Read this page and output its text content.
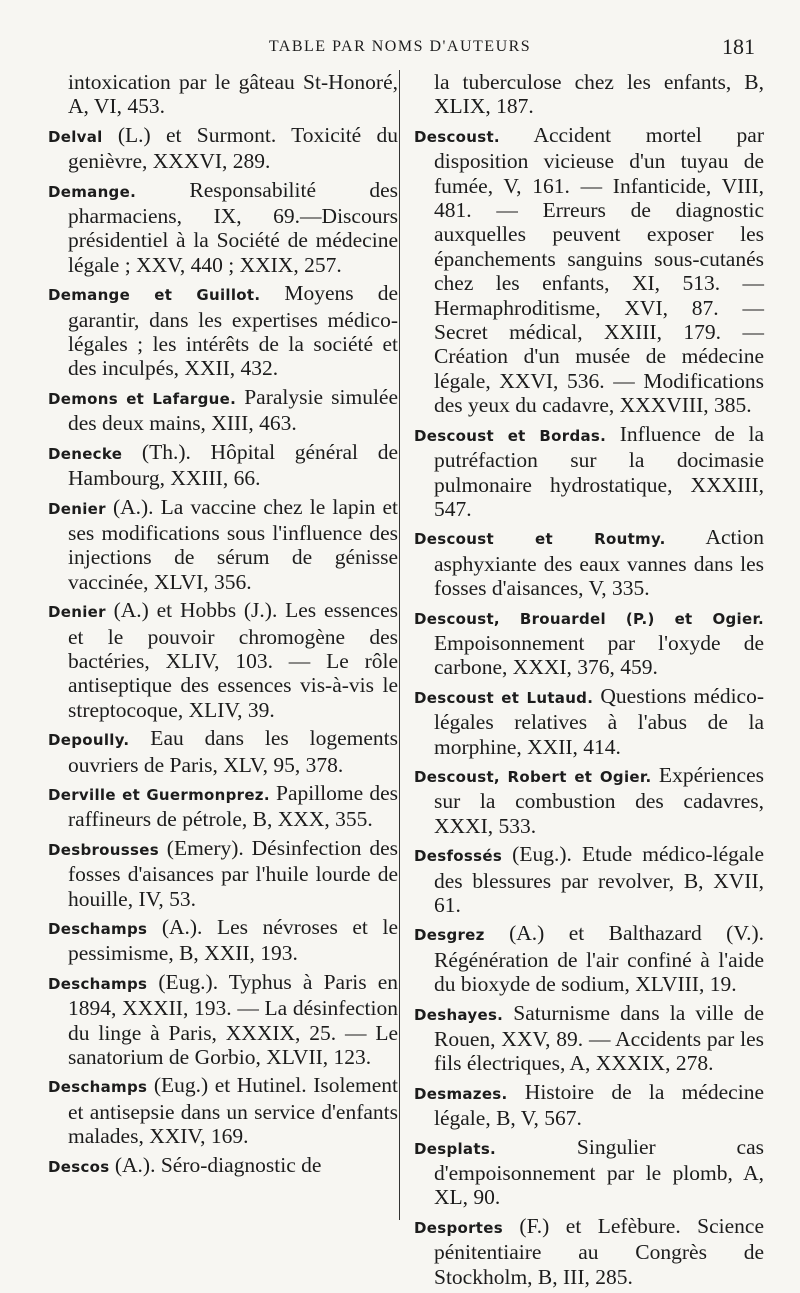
TABLE PAR NOMS D'AUTEURS	181

intoxication par le gâteau St-Honoré, A, VI, 453.

Delval (L.) et Surmont. Toxicité du genièvre, XXXVI, 289.

Demange. Responsabilité des pharmaciens, IX, 69.—Discours présidentiel à la Société de médecine légale ; XXV, 440 ; XXIX, 257.

Demange et Guillot. Moyens de garantir, dans les expertises médico-légales ; les intérêts de la société et des inculpés, XXII, 432.

Demons et Lafargue. Paralysie simulée des deux mains, XIII, 463.

Denecke (Th.). Hôpital général de Hambourg, XXIII, 66.

Denier (A.). La vaccine chez le lapin et ses modifications sous l'influence des injections de sérum de génisse vaccinée, XLVI, 356.

Denier (A.) et Hobbs (J.). Les essences et le pouvoir chromogène des bactéries, XLIV, 103. — Le rôle antiseptique des essences vis-à-vis le streptocoque, XLIV, 39.

Depoully. Eau dans les logements ouvriers de Paris, XLV, 95, 378.

Derville et Guermonprez. Papillome des raffineurs de pétrole, B, XXX, 355.

Desbrousses (Emery). Désinfection des fosses d'aisances par l'huile lourde de houille, IV, 53.

Deschamps (A.). Les névroses et le pessimisme, B, XXII, 193.

Deschamps (Eug.). Typhus à Paris en 1894, XXXII, 193. — La désinfection du linge à Paris, XXXIX, 25. — Le sanatorium de Gorbio, XLVII, 123.

Deschamps (Eug.) et Hutinel. Isolement et antisepsie dans un service d'enfants malades, XXIV, 169.

Descos (A.). Séro-diagnostic de

la tuberculose chez les enfants, B, XLIX, 187.

Descoust. Accident mortel par disposition vicieuse d'un tuyau de fumée, V, 161. — Infanticide, VIII, 481. — Erreurs de diagnostic auxquelles peuvent exposer les épanchements sanguins sous-cutanés chez les enfants, XI, 513. — Hermaphroditisme, XVI, 87. — Secret médical, XXIII, 179. — Création d'un musée de médecine légale, XXVI, 536. — Modifications des yeux du cadavre, XXXVIII, 385.

Descoust et Bordas. Influence de la putréfaction sur la docimasie pulmonaire hydrostatique, XXXIII, 547.

Descoust et Routmy. Action asphyxiante des eaux vannes dans les fosses d'aisances, V, 335.

Descoust, Brouardel (P.) et Ogier. Empoisonnement par l'oxyde de carbone, XXXI, 376, 459.

Descoust et Lutaud. Questions médico-légales relatives à l'abus de la morphine, XXII, 414.

Descoust, Robert et Ogier. Expériences sur la combustion des cadavres, XXXI, 533.

Desfossés (Eug.). Etude médico-légale des blessures par revolver, B, XVII, 61.

Desgrez (A.) et Balthazard (V.). Régénération de l'air confiné à l'aide du bioxyde de sodium, XLVIII, 19.

Deshayes. Saturnisme dans la ville de Rouen, XXV, 89. — Accidents par les fils électriques, A, XXXIX, 278.

Desmazes. Histoire de la médecine légale, B, V, 567.

Desplats. Singulier cas d'empoisonnement par le plomb, A, XL, 90.

Desportes (F.) et Lefèbure. Science pénitentiaire au Congrès de Stockholm, B, III, 285.
